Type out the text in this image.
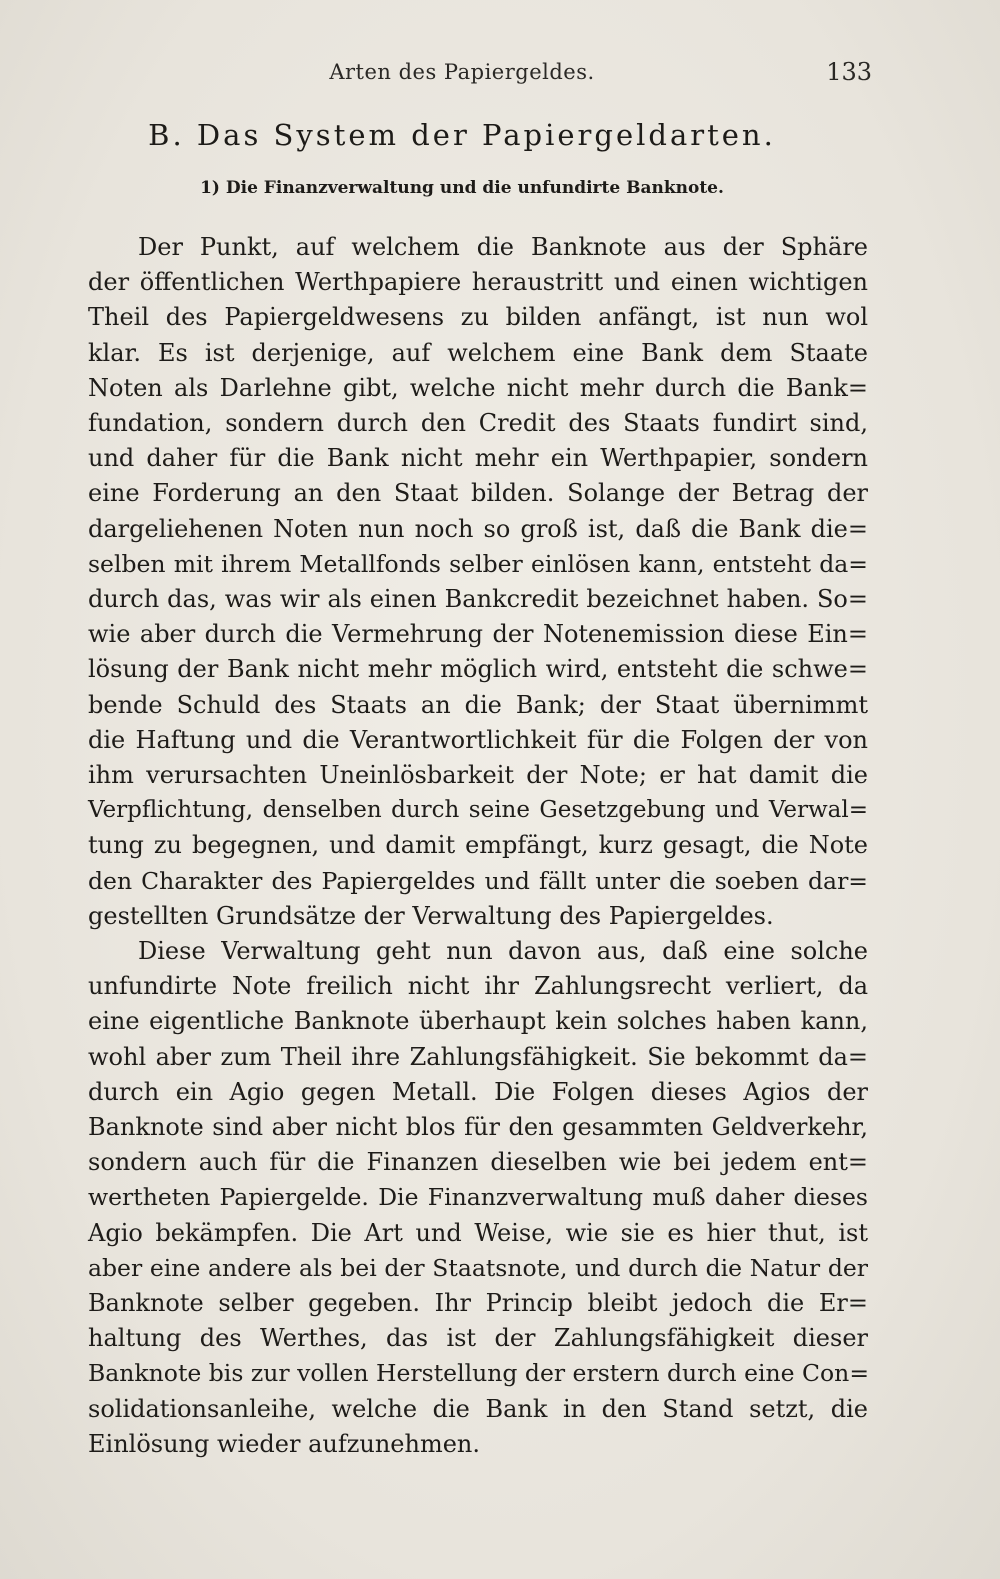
Arten des Papiergeldes.	133
B. Das System der Papiergeldarten.
1) Die Finanzverwaltung und die unfundirte Banknote.
Der Punkt, auf welchem die Banknote aus der Sphäre
der öffentlichen Werthpapiere heraustritt und einen wichtigen
Theil des Papiergeldwesens zu bilden anfängt, ist nun wol
klar. Es ist derjenige, auf welchem eine Bank dem Staate
Noten als Darlehne gibt, welche nicht mehr durch die Bank=
fundation, sondern durch den Credit des Staats fundirt sind,
und daher für die Bank nicht mehr ein Werthpapier, sondern
eine Forderung an den Staat bilden. Solange der Betrag der
dargeliehenen Noten nun noch so groß ist, daß die Bank die=
selben mit ihrem Metallfonds selber einlösen kann, entsteht da=
durch das, was wir als einen Bankcredit bezeichnet haben. So=
wie aber durch die Vermehrung der Notenemission diese Ein=
lösung der Bank nicht mehr möglich wird, entsteht die schwe=
bende Schuld des Staats an die Bank; der Staat übernimmt
die Haftung und die Verantwortlichkeit für die Folgen der von
ihm verursachten Uneinlösbarkeit der Note; er hat damit die
Verpflichtung, denselben durch seine Gesetzgebung und Verwal=
tung zu begegnen, und damit empfängt, kurz gesagt, die Note
den Charakter des Papiergeldes und fällt unter die soeben dar=
gestellten Grundsätze der Verwaltung des Papiergeldes.
Diese Verwaltung geht nun davon aus, daß eine solche
unfundirte Note freilich nicht ihr Zahlungsrecht verliert, da
eine eigentliche Banknote überhaupt kein solches haben kann,
wohl aber zum Theil ihre Zahlungsfähigkeit. Sie bekommt da=
durch ein Agio gegen Metall. Die Folgen dieses Agios der
Banknote sind aber nicht blos für den gesammten Geldverkehr,
sondern auch für die Finanzen dieselben wie bei jedem ent=
wertheten Papiergelde. Die Finanzverwaltung muß daher dieses
Agio bekämpfen. Die Art und Weise, wie sie es hier thut, ist
aber eine andere als bei der Staatsnote, und durch die Natur der
Banknote selber gegeben. Ihr Princip bleibt jedoch die Er=
haltung des Werthes, das ist der Zahlungsfähigkeit dieser
Banknote bis zur vollen Herstellung der erstern durch eine Con=
solidationsanleihe, welche die Bank in den Stand setzt, die
Einlösung wieder aufzunehmen.
